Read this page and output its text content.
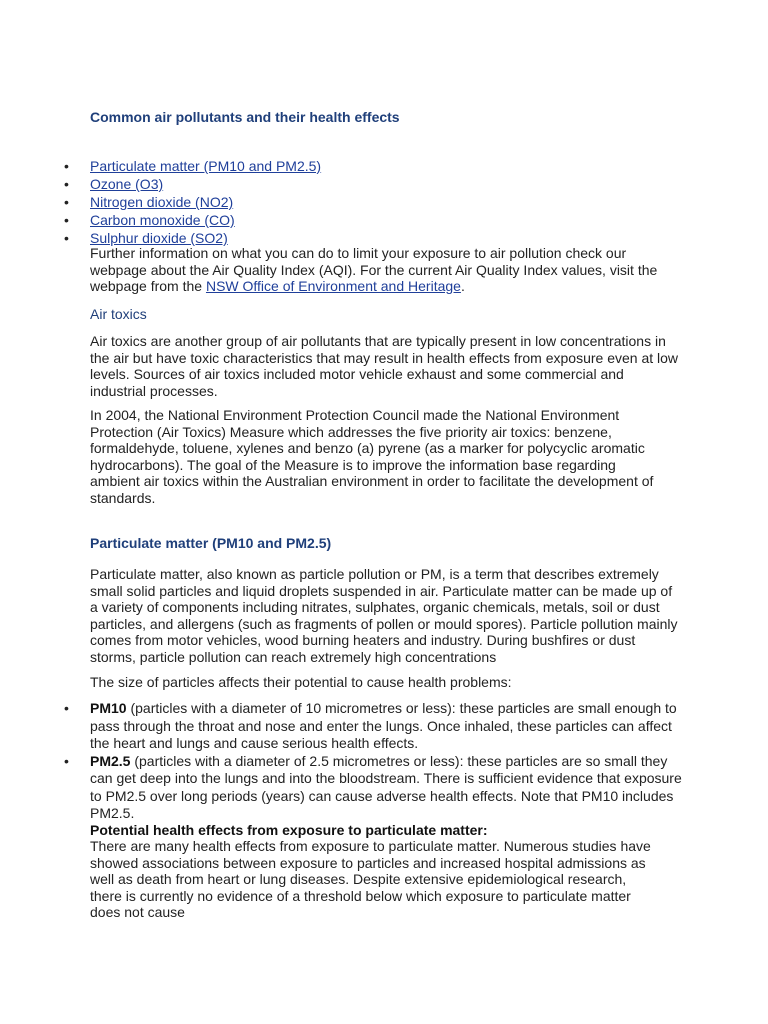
Common air pollutants and their health effects
• Particulate matter (PM10 and PM2.5)
• Ozone (O3)
• Nitrogen dioxide (NO2)
• Carbon monoxide (CO)
• Sulphur dioxide (SO2)

Further information on what you can do to limit your exposure to air pollution check our webpage about the Air Quality Index (AQI). For the current Air Quality Index values, visit the webpage from the NSW Office of Environment and Heritage.

Air toxics

Air toxics are another group of air pollutants that are typically present in low concentrations in the air but have toxic characteristics that may result in health effects from exposure even at low levels. Sources of air toxics included motor vehicle exhaust and some commercial and industrial processes.

In 2004, the National Environment Protection Council made the National Environment Protection (Air Toxics) Measure which addresses the five priority air toxics: benzene, formaldehyde, toluene, xylenes and benzo (a) pyrene (as a marker for polycyclic aromatic hydrocarbons). The goal of the Measure is to improve the information base regarding ambient air toxics within the Australian environment in order to facilitate the development of standards.

Particulate matter (PM10 and PM2.5)

Particulate matter, also known as particle pollution or PM, is a term that describes extremely small solid particles and liquid droplets suspended in air. Particulate matter can be made up of a variety of components including nitrates, sulphates, organic chemicals, metals, soil or dust particles, and allergens (such as fragments of pollen or mould spores). Particle pollution mainly comes from motor vehicles, wood burning heaters and industry. During bushfires or dust storms, particle pollution can reach extremely high concentrations

The size of particles affects their potential to cause health problems:

• PM10 (particles with a diameter of 10 micrometres or less): these particles are small enough to pass through the throat and nose and enter the lungs. Once inhaled, these particles can affect the heart and lungs and cause serious health effects.
• PM2.5 (particles with a diameter of 2.5 micrometres or less): these particles are so small they can get deep into the lungs and into the bloodstream. There is sufficient evidence that exposure to PM2.5 over long periods (years) can cause adverse health effects. Note that PM10 includes PM2.5.

Potential health effects from exposure to particulate matter:

There are many health effects from exposure to particulate matter. Numerous studies have showed associations between exposure to particles and increased hospital admissions as well as death from heart or lung diseases. Despite extensive epidemiological research, there is currently no evidence of a threshold below which exposure to particulate matter does not cause
